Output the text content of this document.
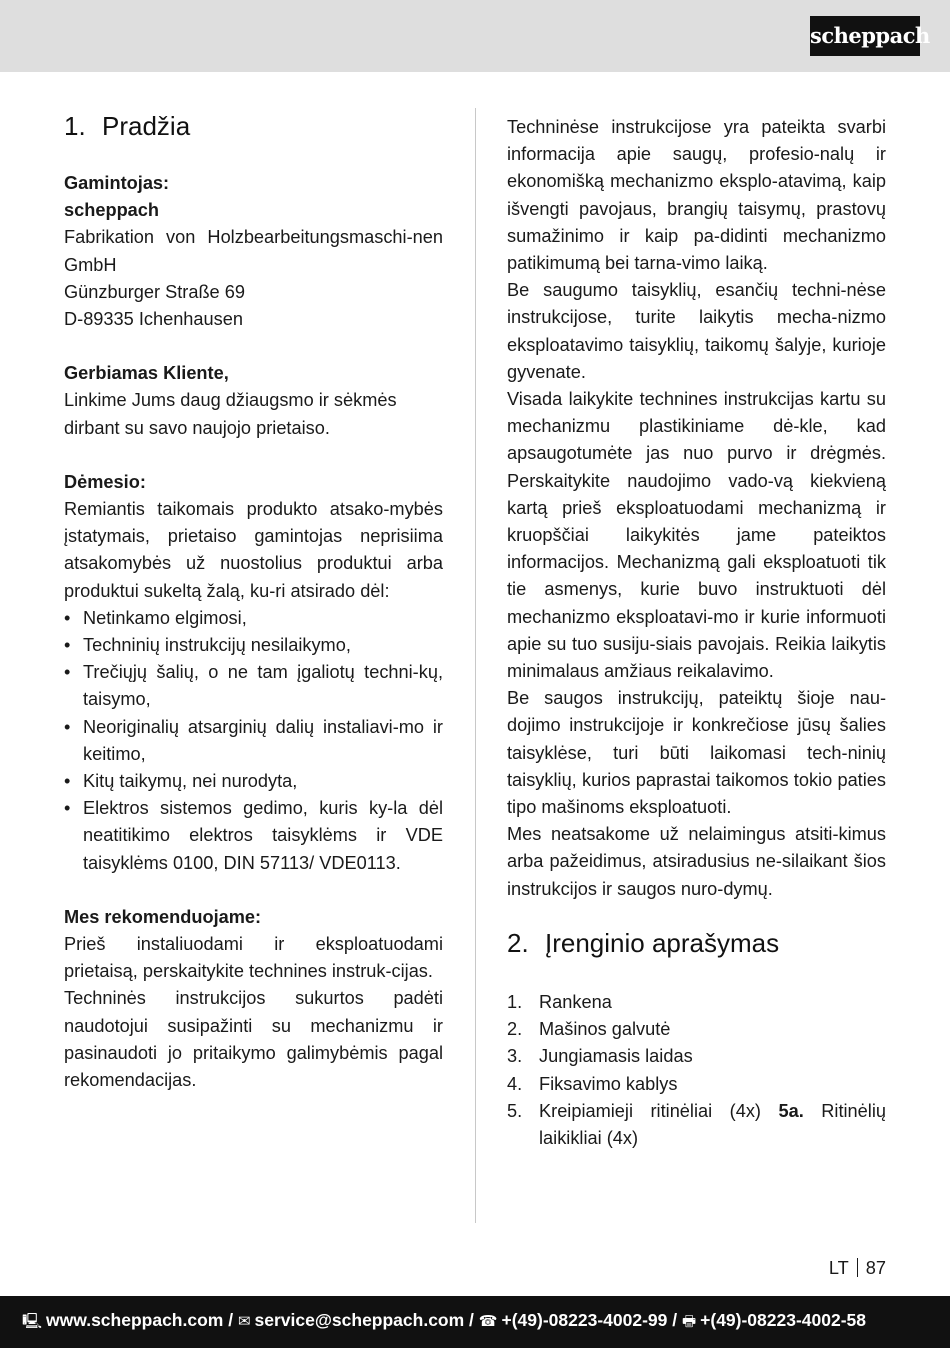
scheppach
1. Pradžia
Gamintojas:
scheppach

Fabrikation von Holzbearbeitungsmaschi-nen GmbH

Günzburger Straße 69
D-89335 Ichenhausen
Gerbiamas Kliente,

Linkime Jums daug džiaugsmo ir sėkmės dirbant su savo naujojo prietaiso.

Dėmesio:

Remiantis taikomais produkto atsako-mybės įstatymais, prietaiso gamintojas neprisiima atsakomybės už nuostolius produktui arba produktui sukeltą žalą, ku-ri atsirado dėl:

• Netinkamo elgimosi,
• Techninių instrukcijų nesilaikymo,
• Trečiųjų šalių, o ne tam įgaliotų techni-kų, taisymo,
• Neoriginalių atsarginių dalių instaliavi-mo ir keitimo,
• Kitų taikymų, nei nurodyta,
• Elektros sistemos gedimo, kuris ky-la dėl neatitikimo elektros taisyklėms ir VDE taisyklėms 0100, DIN 57113/ VDE0113.
Mes rekomenduojame:

Prieš instaliuodami ir eksploatuodami prietaisą, perskaitykite technines instruk-cijas.

Techninės instrukcijos sukurtos padėti naudotojui susipažinti su mechanizmu ir pasinaudoti jo pritaikymo galimybėmis pagal rekomendacijas.

Techninėse instrukcijose yra pateikta svarbi informacija apie saugų, profesio-nalų ir ekonomišką mechanizmo eksplo-atavimą, kaip išvengti pavojaus, brangių taisymų, prastovų sumažinimo ir kaip pa-didinti mechanizmo patikimumą bei tarna-vimo laiką.

Be saugumo taisyklių, esančių techni-nėse instrukcijose, turite laikytis mecha-nizmo eksploatavimo taisyklių, taikomų šalyje, kurioje gyvenate.

Visada laikykite technines instrukcijas kartu su mechanizmu plastikiniame dė-kle, kad apsaugotumėte jas nuo purvo ir drėgmės. Perskaitykite naudojimo vado-vą kiekvieną kartą prieš eksploatuodami mechanizmą ir kruopščiai laikykitės jame pateiktos informacijos. Mechanizmą gali eksploatuoti tik tie asmenys, kurie buvo instruktuoti dėl mechanizmo eksploatavi-mo ir kurie informuoti apie su tuo susiju-siais pavojais. Reikia laikytis minimalaus amžiaus reikalavimo.

Be saugos instrukcijų, pateiktų šioje nau-dojimo instrukcijoje ir konkrečiose jūsų šalies taisyklėse, turi būti laikomasi tech-ninių taisyklių, kurios paprastai taikomos tokio paties tipo mašinoms eksploatuoti.

Mes neatsakome už nelaimingus atsiti-kimus arba pažeidimus, atsiradusius ne-silaikant šios instrukcijos ir saugos nuro-dymų.

2. Įrenginio aprašymas
1. Rankena
2. Mašinos galvutė
3. Jungiamasis laidas
4. Fiksavimo kablys
5. Kreipiamieji ritinėliai (4x) 5a. Ritinėlių laikikliai (4x)
LT 87
🖳 www.scheppach.com / ✉ service@scheppach.com / ☎ +(49)-08223-4002-99 / 🖶 +(49)-08223-4002-58
